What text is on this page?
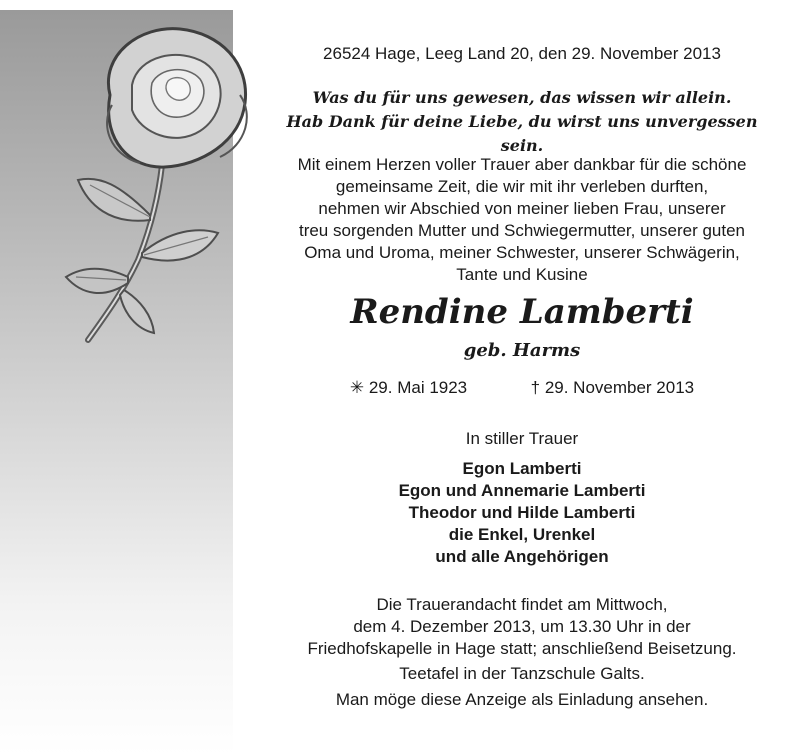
26524 Hage, Leeg Land 20, den 29. November 2013
Was du für uns gewesen, das wissen wir allein.
Hab Dank für deine Liebe, du wirst uns unvergessen sein.
Mit einem Herzen voller Trauer aber dankbar für die schöne
gemeinsame Zeit, die wir mit ihr verleben durften,
nehmen wir Abschied von meiner lieben Frau, unserer
treu sorgenden Mutter und Schwiegermutter, unserer guten
Oma und Uroma, meiner Schwester, unserer Schwägerin,
Tante und Kusine
Rendine Lamberti
geb. Harms
✳ 29. Mai 1923	† 29. November 2013
In stiller Trauer
Egon Lamberti
Egon und Annemarie Lamberti
Theodor und Hilde Lamberti
die Enkel, Urenkel
und alle Angehörigen
Die Trauerandacht findet am Mittwoch,
dem 4. Dezember 2013, um 13.30 Uhr in der
Friedhofskapelle in Hage statt; anschließend Beisetzung.
Teetafel in der Tanzschule Galts.
Man möge diese Anzeige als Einladung ansehen.
